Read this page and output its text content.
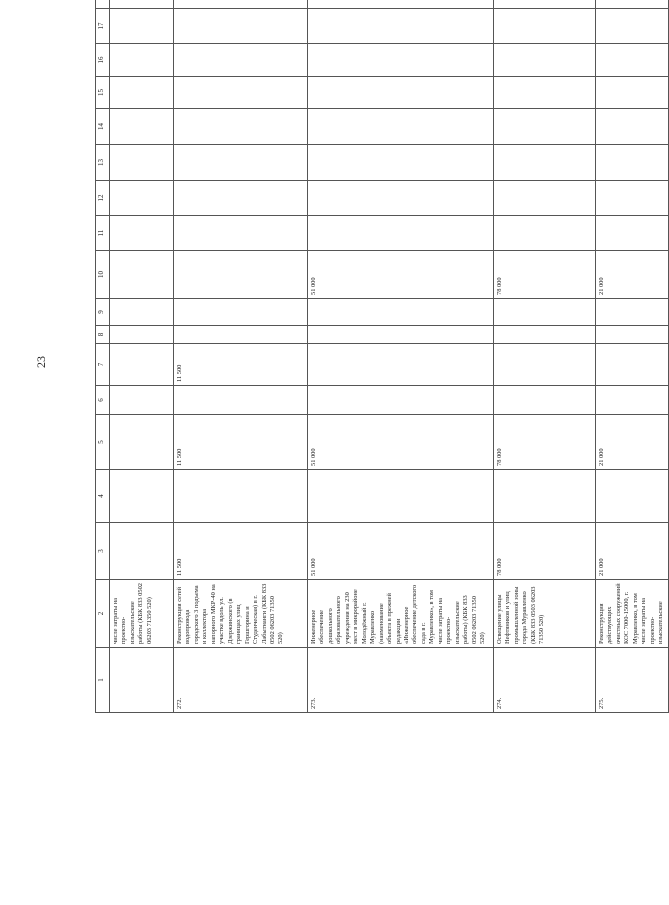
23
1	2	3	4	5	6	7	8	9	10	11	12	13	14	15	16	17		
	числе затраты на проектно-изыскательские работы (КБК 833 0502 06203 71350 520)																	
272.	Реконструкция сетей водопровода городского 3 подъема и коллектора напорного МКР-40 на участке вдоль ул. Дзержинского (в границах улиц Гершгорина и Студенческая) в г. Лабытнанги (КБК 833 0502 06203 71350 520)	11 500		11 500		11 500												
273.	Инженерное обеспечение дошкольного образовательного учреждения на 230 мест в микрорайоне Молодёжный г. Муравленко (наименование объекта в прежней редакции «Инженерное обеспечение детского сада в г. Муравленко», в том числе затраты на проектно-изыскательские работы) (КБК 833 0502 06203 71350 520)	51 000		51 000					51 000									
274.	Освещение улицы Нефтяников и улиц промышленной зоны города Муравленко (КБК 833 0503 06203 71350 520)	78 000		78 000					78 000									
275.	Реконструкция действующих очистных сооружений КОС 7000-15000, г. Муравленко, в том числе затраты на проектно-изыскательские	21 000		21 000					21 000									
